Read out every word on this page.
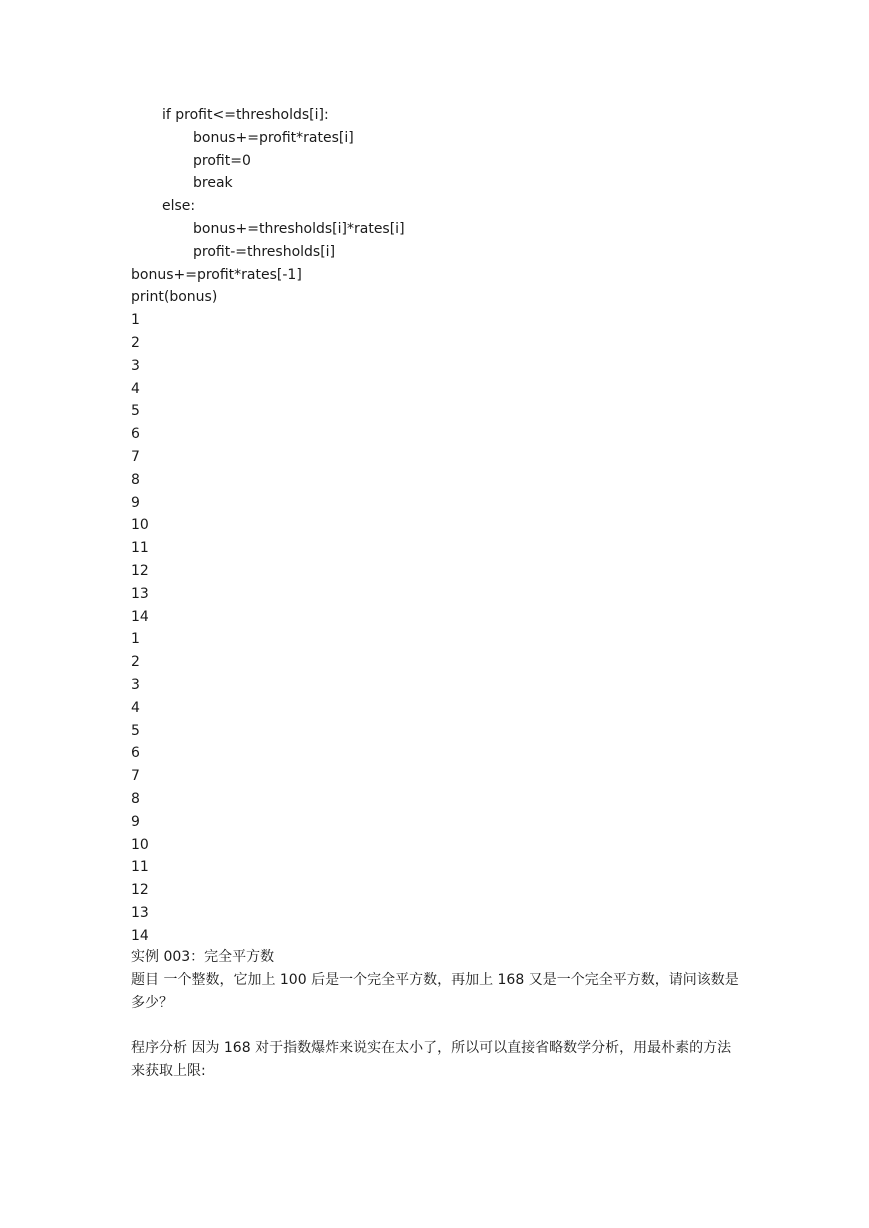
if profit<=thresholds[i]:
bonus+=profit*rates[i]
profit=0
break
else:
bonus+=thresholds[i]*rates[i]
profit-=thresholds[i]
bonus+=profit*rates[-1]
print(bonus)
1
2
3
4
5
6
7
8
9
10
11
12
13
14
1
2
3
4
5
6
7
8
9
10
11
12
13
14

实例 003：完全平方数

题目 一个整数，它加上 100 后是一个完全平方数，再加上 168 又是一个完全平方数，请问该数是多少？

程序分析 因为 168 对于指数爆炸来说实在太小了，所以可以直接省略数学分析，用最朴素的方法来获取上限:
